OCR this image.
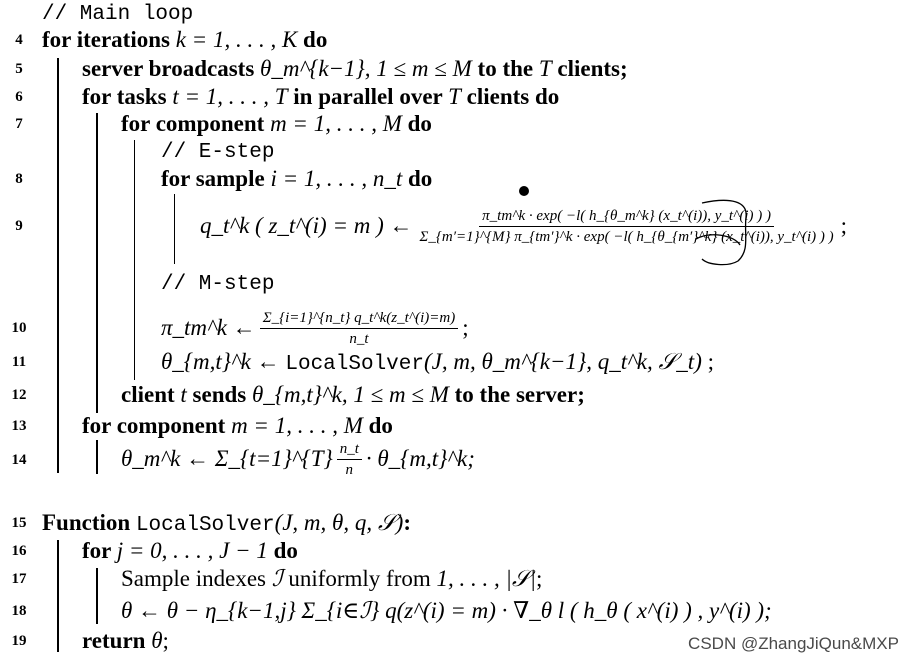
// Main loop
4 for iterations k = 1, . . . , K do
5	server broadcasts θ_m^{k−1}, 1 ≤ m ≤ M to the T clients;
6	for tasks t = 1, . . . , T in parallel over T clients do
7	for component m = 1, . . . , M do
// E-step
8	for sample i = 1, . . . , n_t do
9	q_t^k ( z_t^(i) = m ) ←	π_tm^k · exp( −l( h_{θ_m^k} (x_t^(i)), y_t^(i) ) )
Σ_{m′=1}^{M} π_{tm′}^k · exp( −l( h_{θ_{m′}^k} (x_t^(i)), y_t^(i) ) ) ;
// M-step
10	π_tm^k ← $\frac{\Sigma\_\{i=1\}\^{}\{n\_t\} q\_t\^{}k(z\_t\^{}(i)=m)}{n\_t}$ ;
11	θ_{m,t}^k ← LocalSolver(J, m, θ_m^{k−1}, q_t^k, 𝒮_t) ;
12	client t sends θ_{m,t}^k, 1 ≤ m ≤ M to the server;
13	for component m = 1, . . . , M do
14	θ_m^k ← Σ_{t=1}^{T} $\frac{n\_t}{n}$ · θ_{m,t}^k;
15 Function LocalSolver(J, m, θ, q, 𝒮):
16	for j = 0, . . . , J − 1 do
17	Sample indexes ℐ uniformly from 1, . . . , |𝒮|;
18	θ ← θ − η_{k−1,j} Σ_{i∈ℐ} q(z^(i) = m) · ∇_θ l ( h_θ ( x^(i) ) , y^(i) );
19	return θ;	CSDN @ZhangJiQun&MXP
